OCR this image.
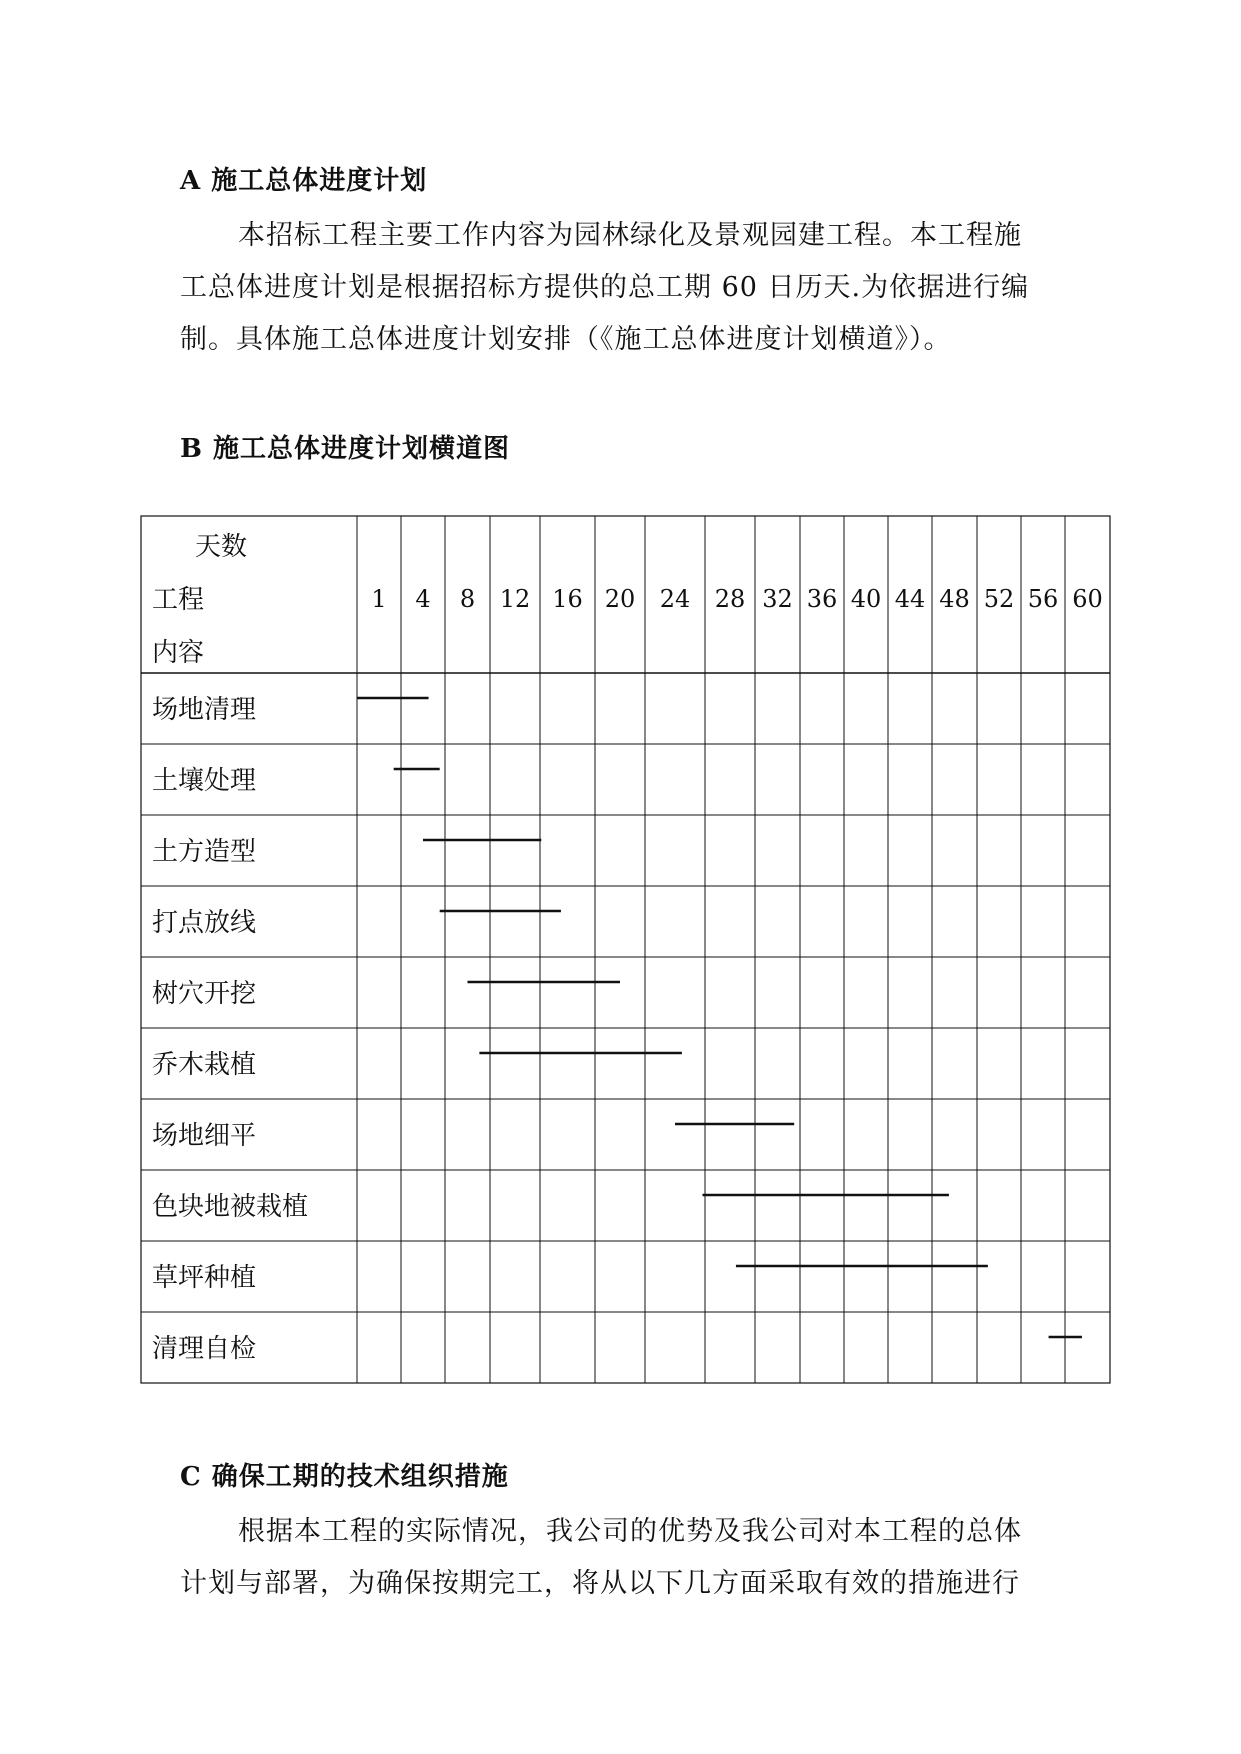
A 施工总体进度计划

本招标工程主要工作内容为园林绿化及景观园建工程。本工程施
工总体进度计划是根据招标方提供的总工期 60 日历天.为依据进行编
制。具体施工总体进度计划安排（《施工总体进度计划横道》）。

B 施工总体进度计划横道图
天数
工程
内容
1 4 8 12 16 20 24 28 32 36 40 44 48 52 56 60
场地清理
土壤处理
土方造型
打点放线
树穴开挖
乔木栽植
场地细平
色块地被栽植
草坪种植
清理自检
C 确保工期的技术组织措施

根据本工程的实际情况，我公司的优势及我公司对本工程的总体
计划与部署，为确保按期完工，将从以下几方面采取有效的措施进行
